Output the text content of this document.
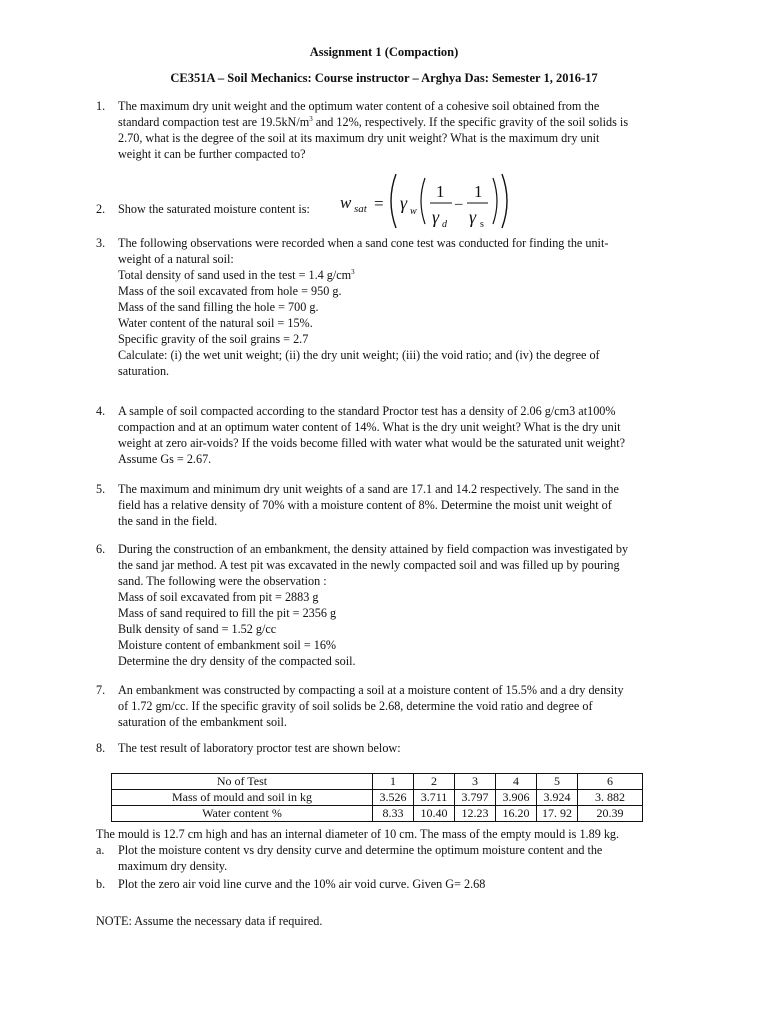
Assignment 1 (Compaction)
CE351A – Soil Mechanics: Course instructor – Arghya Das: Semester 1, 2016-17
1.	The maximum dry unit weight and the optimum water content of a cohesive soil obtained from the
standard compaction test are $19.5kN/m^3$ and 12%, respectively. If the specific gravity of the soil solids is
2.70, what is the degree of the soil at its maximum dry unit weight? What is the maximum dry unit
weight it can be further compacted to?
2.	Show the saturated moisture content is:	w sat = γ w
1
γ d
–
1
γ s
3.	The following observations were recorded when a sand cone test was conducted for finding the unit-
weight of a natural soil:
Total density of sand used in the test = 1.4 $g/cm^3$
Mass of the soil excavated from hole = 950 g.
Mass of the sand filling the hole = 700 g.
Water content of the natural soil = 15%.
Specific gravity of the soil grains = 2.7
Calculate: (i) the wet unit weight; (ii) the dry unit weight; (iii) the void ratio; and (iv) the degree of
saturation.
4.	A sample of soil compacted according to the standard Proctor test has a density of 2.06 g/cm3 at100%
compaction and at an optimum water content of 14%. What is the dry unit weight? What is the dry unit
weight at zero air-voids? If the voids become filled with water what would be the saturated unit weight?
Assume Gs = 2.67.
5.	The maximum and minimum dry unit weights of a sand are 17.1 and 14.2 respectively. The sand in the
field has a relative density of 70% with a moisture content of 8%. Determine the moist unit weight of
the sand in the field.
6.	During the construction of an embankment, the density attained by field compaction was investigated by
the sand jar method. A test pit was excavated in the newly compacted soil and was filled up by pouring
sand. The following were the observation :
Mass of soil excavated from pit = 2883 g
Mass of sand required to fill the pit = 2356 g
Bulk density of sand = 1.52 g/cc
Moisture content of embankment soil = 16%
Determine the dry density of the compacted soil.
7.	An embankment was constructed by compacting a soil at a moisture content of 15.5% and a dry density
of 1.72 gm/cc. If the specific gravity of soil solids be 2.68, determine the void ratio and degree of
saturation of the embankment soil.
8.	The test result of laboratory proctor test are shown below:
No of Test	1	2	3	4	5	6
Mass of mould and soil in kg	3.526	3.711	3.797	3.906	3.924	3. 882
Water content %	8.33	10.40	12.23	16.20	17. 92	20.39
The mould is 12.7 cm high and has an internal diameter of 10 cm. The mass of the empty mould is 1.89 kg.
a. Plot the moisture content vs dry density curve and determine the optimum moisture content and the
maximum dry density.
b. Plot the zero air void line curve and the 10% air void curve. Given G= 2.68
NOTE: Assume the necessary data if required.
